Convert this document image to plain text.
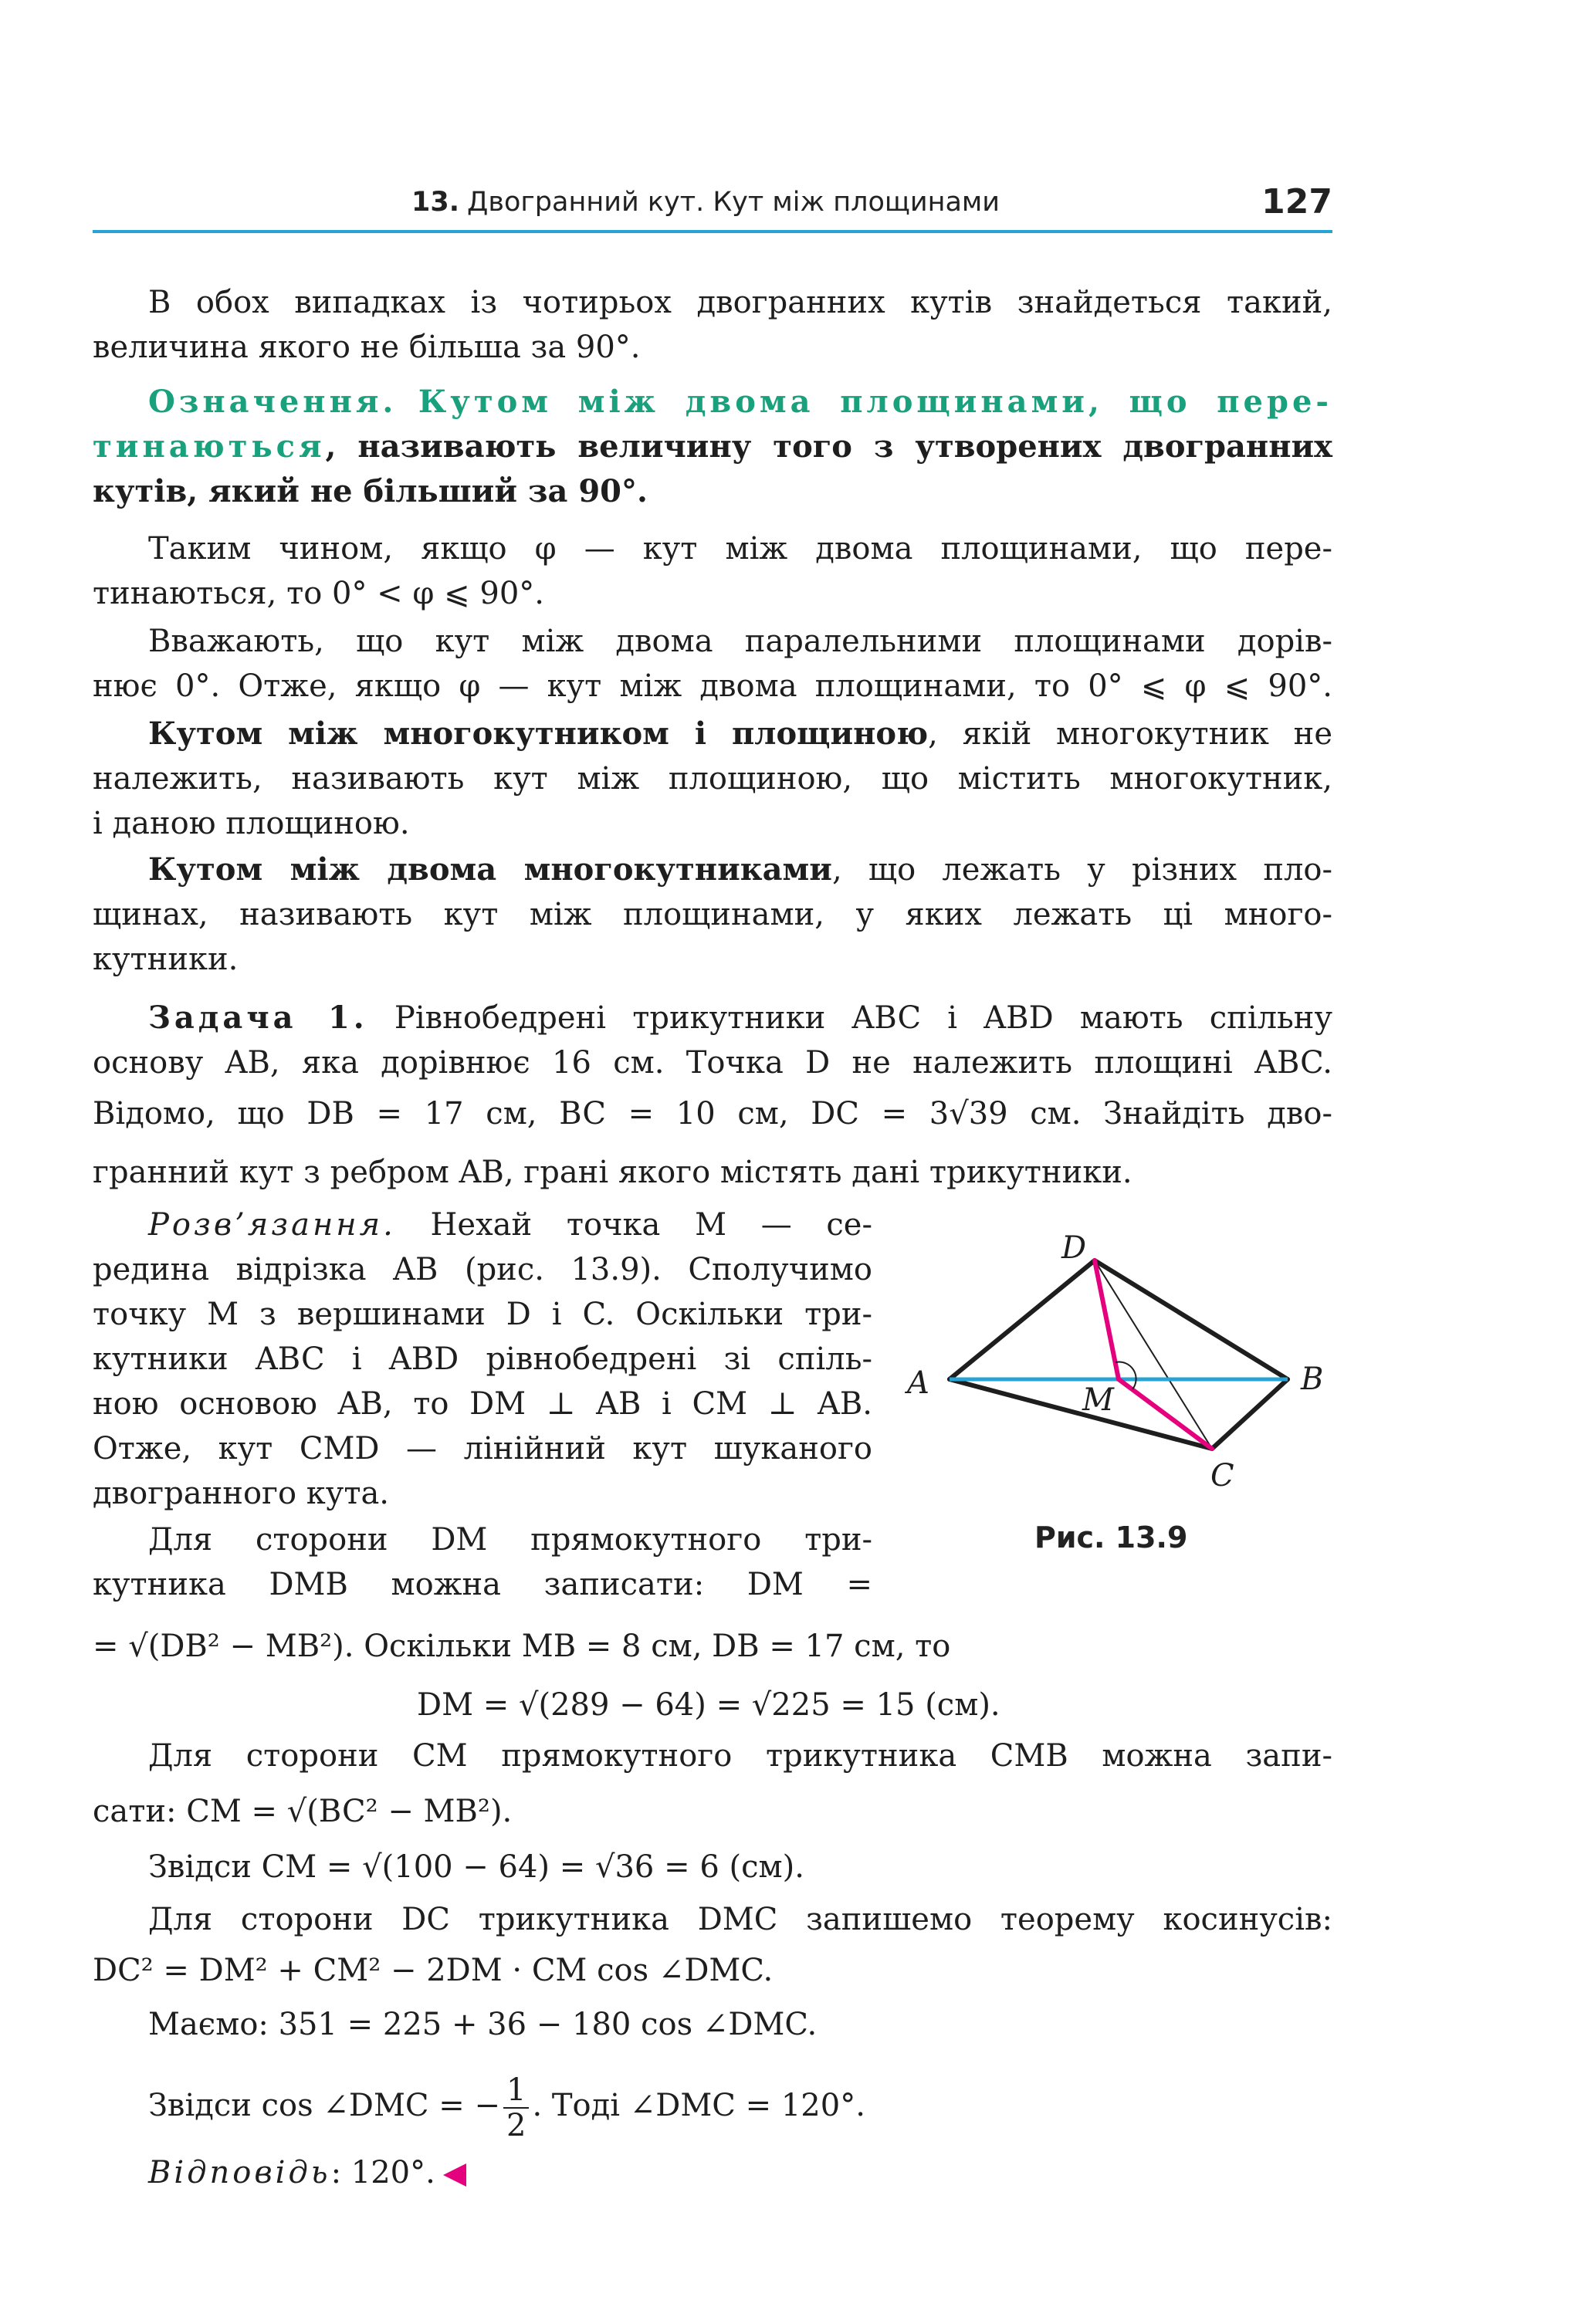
13. Двогранний кут. Кут між площинами	127
В обох випадках із чотирьох двогранних кутів знайдеться такий,
величина якого не більша за 90°.
Означення. Кутом між двома площинами, що пере-
тинаються, називають величину того з утворених двогранних
кутів, який не більший за 90°.
Таким чином, якщо φ — кут між двома площинами, що пере-
тинаються, то 0° < φ ⩽ 90°.
Вважають, що кут між двома паралельними площинами дорів-
нює 0°. Отже, якщо φ — кут між двома площинами, то 0° ⩽ φ ⩽ 90°.
Кутом між многокутником і площиною, якій многокутник не
належить, називають кут між площиною, що містить многокутник,
і даною площиною.
Кутом між двома многокутниками, що лежать у різних пло-
щинах, називають кут між площинами, у яких лежать ці много-
кутники.
Задача 1. Рівнобедрені трикутники ABC і ABD мають спільну
основу AB, яка дорівнює 16 см. Точка D не належить площині ABC.
Відомо, що DB = 17 см, BC = 10 см, DC = 3√39 см. Знайдіть дво-
гранний кут з ребром AB, грані якого містять дані трикутники.
Розв’язання. Нехай точка M — се-
редина відрізка AB (рис. 13.9). Сполучимо
точку M з вершинами D і C. Оскільки три-
кутники ABC і ABD рівнобедрені зі спіль-
ною основою AB, то DM ⊥ AB і CM ⊥ AB.
Отже, кут CMD — лінійний кут шуканого
двогранного кута.
Для сторони DM прямокутного три-
кутника DMB можна записати: DM =
= √(DB² − MB²). Оскільки MB = 8 см, DB = 17 см, то
DM = √(289 − 64) = √225 = 15 (см).
Для сторони CM прямокутного трикутника CMB можна запи-
сати: CM = √(BC² − MB²).
Звідси CM = √(100 − 64) = √36 = 6 (см).
Для сторони DC трикутника DMC запишемо теорему косинусів:
DC² = DM² + CM² − 2DM · CM cos ∠DMC.
Маємо: 351 = 225 + 36 − 180 cos ∠DMC.
Звідси cos ∠DMC = − $\frac{1}{2}$ . Тоді ∠DMC = 120°.
Відповідь: 120°.
D
A	B
M
C
Рис. 13.9
